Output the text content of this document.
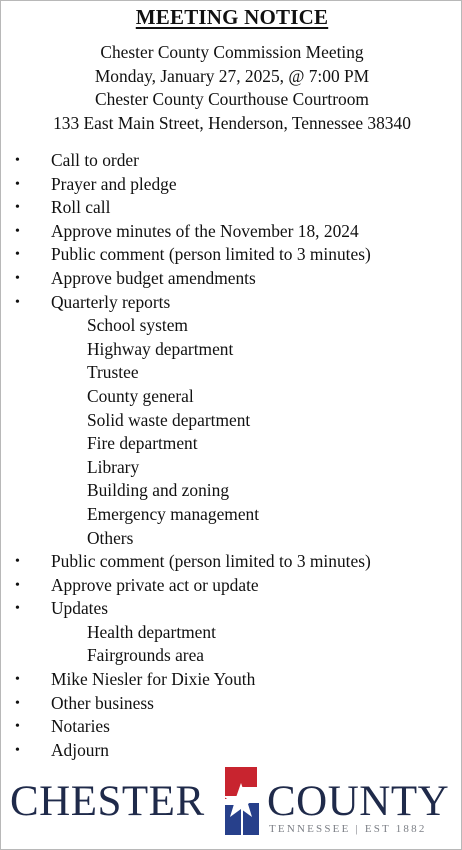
MEETING NOTICE
Chester County Commission Meeting
Monday, January 27, 2025, @ 7:00 PM
Chester County Courthouse Courtroom
133 East Main Street, Henderson, Tennessee 38340
• Call to order
• Prayer and pledge
• Roll call
• Approve minutes of the November 18, 2024
• Public comment (person limited to 3 minutes)
• Approve budget amendments
• Quarterly reports
School system
Highway department
Trustee
County general
Solid waste department
Fire department
Library
Building and zoning
Emergency management
Others
• Public comment (person limited to 3 minutes)
• Approve private act or update
• Updates
Health department
Fairgrounds area
• Mike Niesler for Dixie Youth
• Other business
• Notaries
• Adjourn
CHESTER COUNTY
TENNESSEE | EST 1882
